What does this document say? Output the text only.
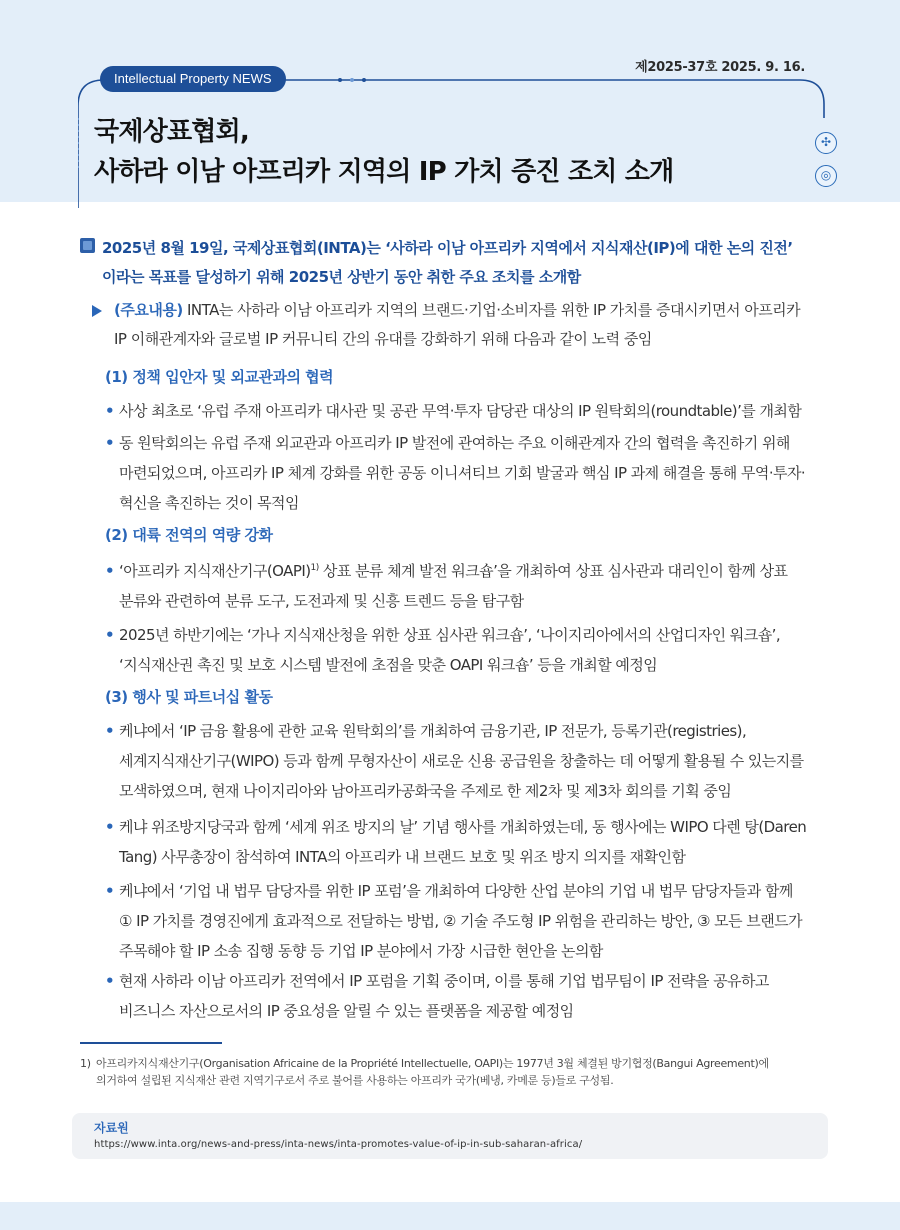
제2025-37호 2025. 9. 16.
Intellectual Property NEWS
국제상표협회,
사하라 이남 아프리카 지역의 IP 가치 증진 조치 소개
✣
◎

2025년 8월 19일, 국제상표협회(INTA)는 ‘사하라 이남 아프리카 지역에서 지식재산(IP)에 대한 논의 진전’
이라는 목표를 달성하기 위해 2025년 상반기 동안 취한 주요 조치를 소개함

(주요내용) INTA는 사하라 이남 아프리카 지역의 브랜드·기업·소비자를 위한 IP 가치를 증대시키면서 아프리카
IP 이해관계자와 글로벌 IP 커뮤니티 간의 유대를 강화하기 위해 다음과 같이 노력 중임
(1) 정책 입안자 및 외교관과의 협력
• 사상 최초로 ‘유럽 주재 아프리카 대사관 및 공관 무역·투자 담당관 대상의 IP 원탁회의(roundtable)’를 개최함
• 동 원탁회의는 유럽 주재 외교관과 아프리카 IP 발전에 관여하는 주요 이해관계자 간의 협력을 촉진하기 위해
마련되었으며, 아프리카 IP 체계 강화를 위한 공동 이니셔티브 기회 발굴과 핵심 IP 과제 해결을 통해 무역·투자·
혁신을 촉진하는 것이 목적임
(2) 대륙 전역의 역량 강화
• ‘아프리카 지식재산기구(OAPI)$^{1)}$ 상표 분류 체계 발전 워크숍’을 개최하여 상표 심사관과 대리인이 함께 상표
분류와 관련하여 분류 도구, 도전과제 및 신흥 트렌드 등을 탐구함
• 2025년 하반기에는 ‘가나 지식재산청을 위한 상표 심사관 워크숍’, ‘나이지리아에서의 산업디자인 워크숍’,
‘지식재산권 촉진 및 보호 시스템 발전에 초점을 맞춘 OAPI 워크숍’ 등을 개최할 예정임
(3) 행사 및 파트너십 활동
• 케냐에서 ‘IP 금융 활용에 관한 교육 원탁회의’를 개최하여 금융기관, IP 전문가, 등록기관(registries),
세계지식재산기구(WIPO) 등과 함께 무형자산이 새로운 신용 공급원을 창출하는 데 어떻게 활용될 수 있는지를
모색하였으며, 현재 나이지리아와 남아프리카공화국을 주제로 한 제2차 및 제3차 회의를 기획 중임
• 케냐 위조방지당국과 함께 ‘세계 위조 방지의 날’ 기념 행사를 개최하였는데, 동 행사에는 WIPO 다렌 탕(Daren
Tang) 사무총장이 참석하여 INTA의 아프리카 내 브랜드 보호 및 위조 방지 의지를 재확인함
• 케냐에서 ‘기업 내 법무 담당자를 위한 IP 포럼’을 개최하여 다양한 산업 분야의 기업 내 법무 담당자들과 함께
① IP 가치를 경영진에게 효과적으로 전달하는 방법, ② 기술 주도형 IP 위험을 관리하는 방안, ③ 모든 브랜드가
주목해야 할 IP 소송 집행 동향 등 기업 IP 분야에서 가장 시급한 현안을 논의함
• 현재 사하라 이남 아프리카 전역에서 IP 포럼을 기획 중이며, 이를 통해 기업 법무팀이 IP 전략을 공유하고
비즈니스 자산으로서의 IP 중요성을 알릴 수 있는 플랫폼을 제공할 예정임
1) 아프리카지식재산기구(Organisation Africaine de la Propriété Intellectuelle, OAPI)는 1977년 3월 체결된 방기협정(Bangui Agreement)에
의거하여 설립된 지식재산 관련 지역기구로서 주로 불어를 사용하는 아프리카 국가(베냉, 카메룬 등)들로 구성됨.
자료원
https://www.inta.org/news-and-press/inta-news/inta-promotes-value-of-ip-in-sub-saharan-africa/
